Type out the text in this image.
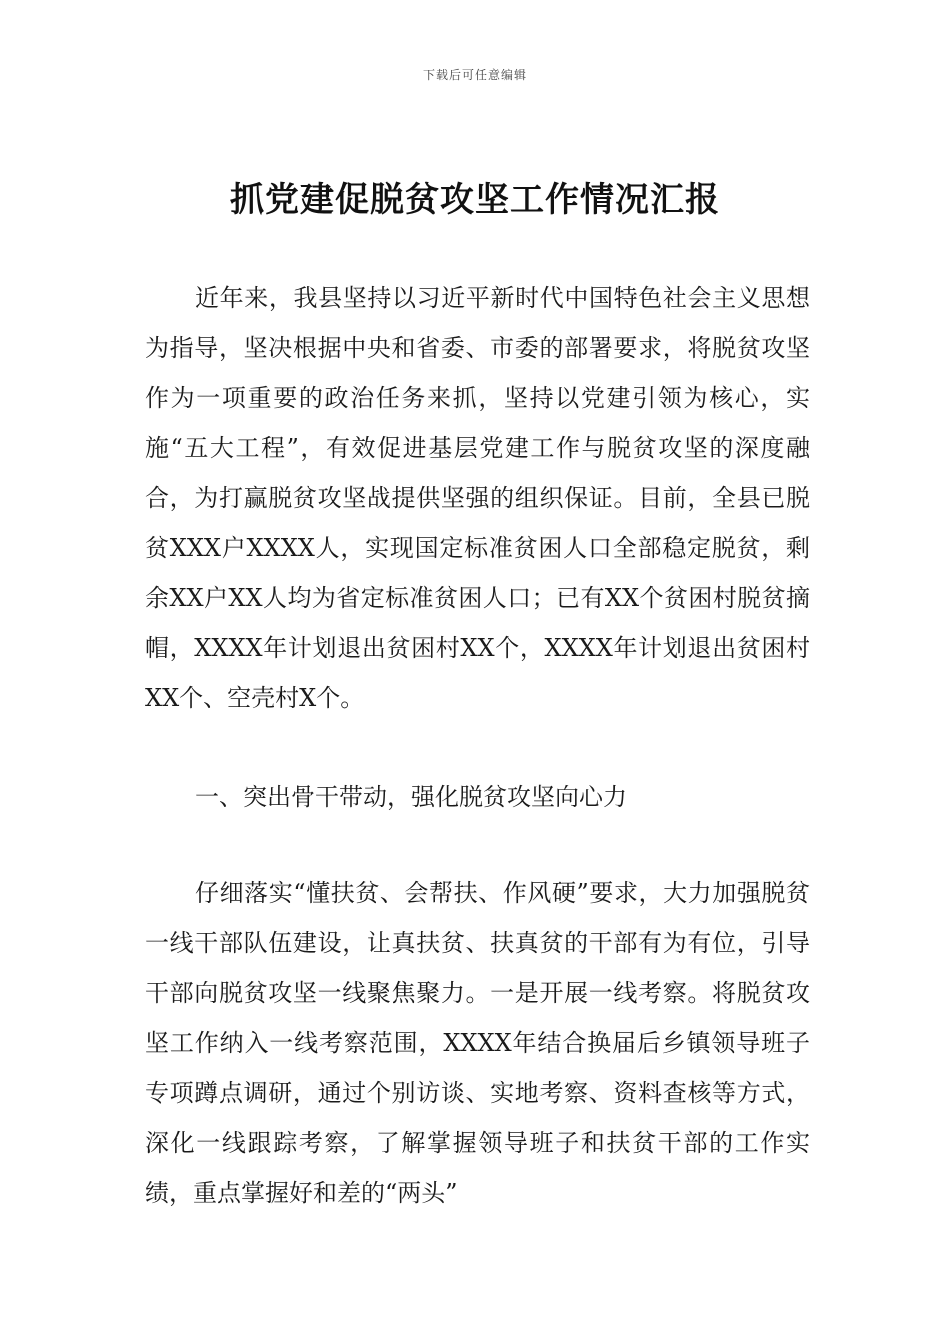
下载后可任意编辑
抓党建促脱贫攻坚工作情况汇报

近年来，我县坚持以习近平新时代中国特色社会主义思想为指导，坚决根据中央和省委、市委的部署要求，将脱贫攻坚作为一项重要的政治任务来抓，坚持以党建引领为核心，实施“五大工程”，有效促进基层党建工作与脱贫攻坚的深度融合，为打赢脱贫攻坚战提供坚强的组织保证。目前，全县已脱贫XXX户XXXX人，实现国定标准贫困人口全部稳定脱贫，剩余XX户XX人均为省定标准贫困人口；已有XX个贫困村脱贫摘帽，XXXX年计划退出贫困村XX个，XXXX年计划退出贫困村XX个、空壳村X个。

一、突出骨干带动，强化脱贫攻坚向心力

仔细落实“懂扶贫、会帮扶、作风硬”要求，大力加强脱贫一线干部队伍建设，让真扶贫、扶真贫的干部有为有位，引导干部向脱贫攻坚一线聚焦聚力。一是开展一线考察。将脱贫攻坚工作纳入一线考察范围，XXXX年结合换届后乡镇领导班子专项蹲点调研，通过个别访谈、实地考察、资料查核等方式，深化一线跟踪考察，了解掌握领导班子和扶贫干部的工作实绩，重点掌握好和差的“两头”
